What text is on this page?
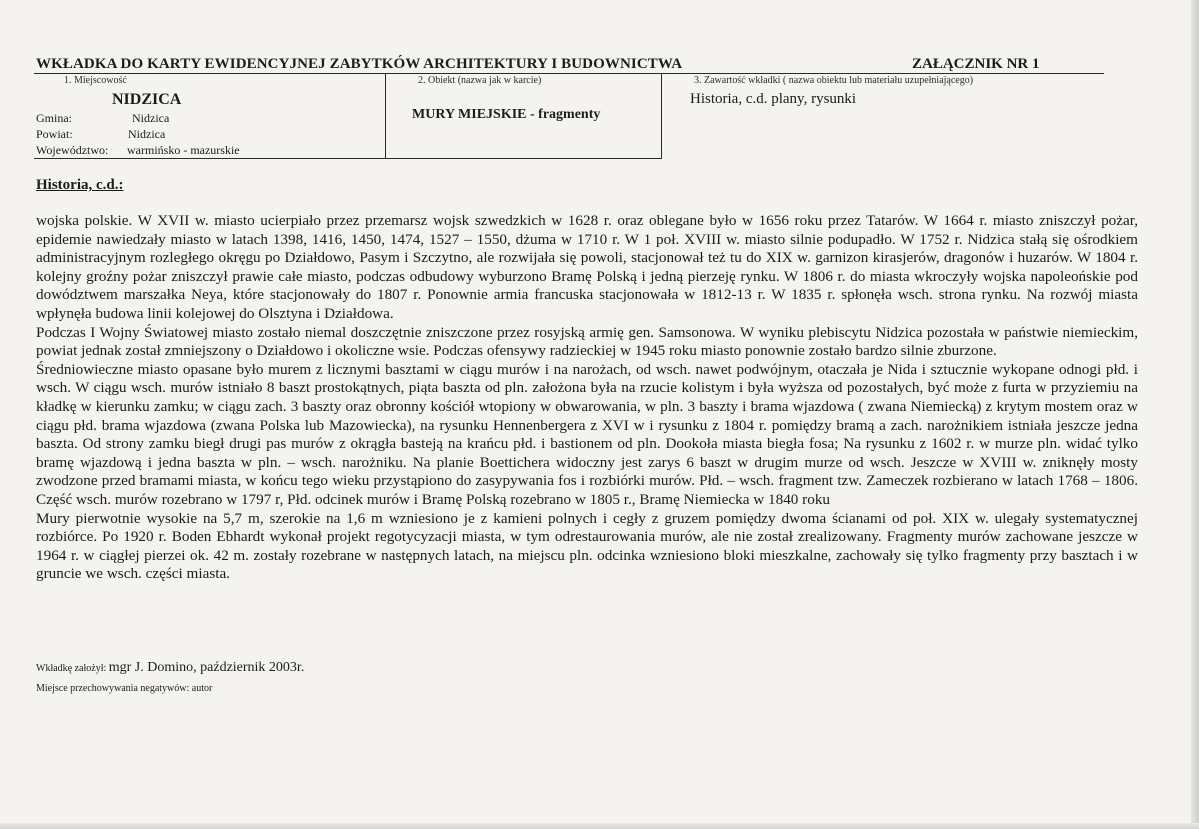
WKŁADKA DO KARTY EWIDENCYJNEJ ZABYTKÓW ARCHITEKTURY I BUDOWNICTWA	ZAŁĄCZNIK NR 1
1. Miejscowość
NIDZICA
Gmina:	Nidzica
Powiat:	Nidzica
Województwo: warmińsko - mazurskie
2. Obiekt (nazwa jak w karcie)
MURY MIEJSKIE - fragmenty
3. Zawartość wkładki ( nazwa obiektu lub materiału uzupełniającego)
Historia, c.d. plany, rysunki
Historia, c.d.:

wojska polskie. W XVII w. miasto ucierpiało przez przemarsz wojsk szwedzkich w 1628 r. oraz oblegane było w 1656 roku przez Tatarów. W 1664 r. miasto zniszczył pożar, epidemie nawiedzały miasto w latach 1398, 1416, 1450, 1474, 1527 – 1550, dżuma w 1710 r. W 1 poł. XVIII w. miasto silnie podupadło. W 1752 r. Nidzica stałą się ośrodkiem administracyjnym rozległego okręgu po Działdowo, Pasym i Szczytno, ale rozwijała się powoli, stacjonował też tu do XIX w. garnizon kirasjerów, dragonów i huzarów. W 1804 r. kolejny groźny pożar zniszczył prawie całe miasto, podczas odbudowy wyburzono Bramę Polską i jedną pierzeję rynku. W 1806 r. do miasta wkroczyły wojska napoleońskie pod dowództwem marszałka Neya, które stacjonowały do 1807 r. Ponownie armia francuska stacjonowała w 1812-13 r. W 1835 r. spłonęła wsch. strona rynku. Na rozwój miasta wpłynęła budowa linii kolejowej do Olsztyna i Działdowa.

Podczas I Wojny Światowej miasto zostało niemal doszczętnie zniszczone przez rosyjską armię gen. Samsonowa. W wyniku plebiscytu Nidzica pozostała w państwie niemieckim, powiat jednak został zmniejszony o Działdowo i okoliczne wsie. Podczas ofensywy radzieckiej w 1945 roku miasto ponownie zostało bardzo silnie zburzone.

Średniowieczne miasto opasane było murem z licznymi basztami w ciągu murów i na narożach, od wsch. nawet podwójnym, otaczała je Nida i sztucznie wykopane odnogi płd. i wsch. W ciągu wsch. murów istniało 8 baszt prostokątnych, piąta baszta od pln. założona była na rzucie kolistym i była wyższa od pozostałych, być może z furta w przyziemiu na kładkę w kierunku zamku; w ciągu zach. 3 baszty oraz obronny kościół wtopiony w obwarowania, w pln. 3 baszty i brama wjazdowa ( zwana Niemiecką) z krytym mostem oraz w ciągu płd. brama wjazdowa (zwana Polska lub Mazowiecka), na rysunku Hennenbergera z XVI w i rysunku z 1804 r. pomiędzy bramą a zach. narożnikiem istniała jeszcze jedna baszta. Od strony zamku biegł drugi pas murów z okrągła basteją na krańcu płd. i bastionem od pln. Dookoła miasta biegła fosa; Na rysunku z 1602 r. w murze pln. widać tylko bramę wjazdową i jedna baszta w pln. – wsch. narożniku. Na planie Boettichera widoczny jest zarys 6 baszt w drugim murze od wsch. Jeszcze w XVIII w. zniknęły mosty zwodzone przed bramami miasta, w końcu tego wieku przystąpiono do zasypywania fos i rozbiórki murów. Płd. – wsch. fragment tzw. Zameczek rozbierano w latach 1768 – 1806. Część wsch. murów rozebrano w 1797 r, Płd. odcinek murów i Bramę Polską rozebrano w 1805 r., Bramę Niemiecka w 1840 roku

Mury pierwotnie wysokie na 5,7 m, szerokie na 1,6 m wzniesiono je z kamieni polnych i cegły z gruzem pomiędzy dwoma ścianami od poł. XIX w. ulegały systematycznej rozbiórce. Po 1920 r. Boden Ebhardt wykonał projekt regotycyzacji miasta, w tym odrestaurowania murów, ale nie został zrealizowany. Fragmenty murów zachowane jeszcze w 1964 r. w ciągłej pierzei ok. 42 m. zostały rozebrane w następnych latach, na miejscu pln. odcinka wzniesiono bloki mieszkalne, zachowały się tylko fragmenty przy basztach i w gruncie we wsch. części miasta.

Wkładkę założył: mgr J. Domino, październik 2003r.
Miejsce przechowywania negatywów: autor
